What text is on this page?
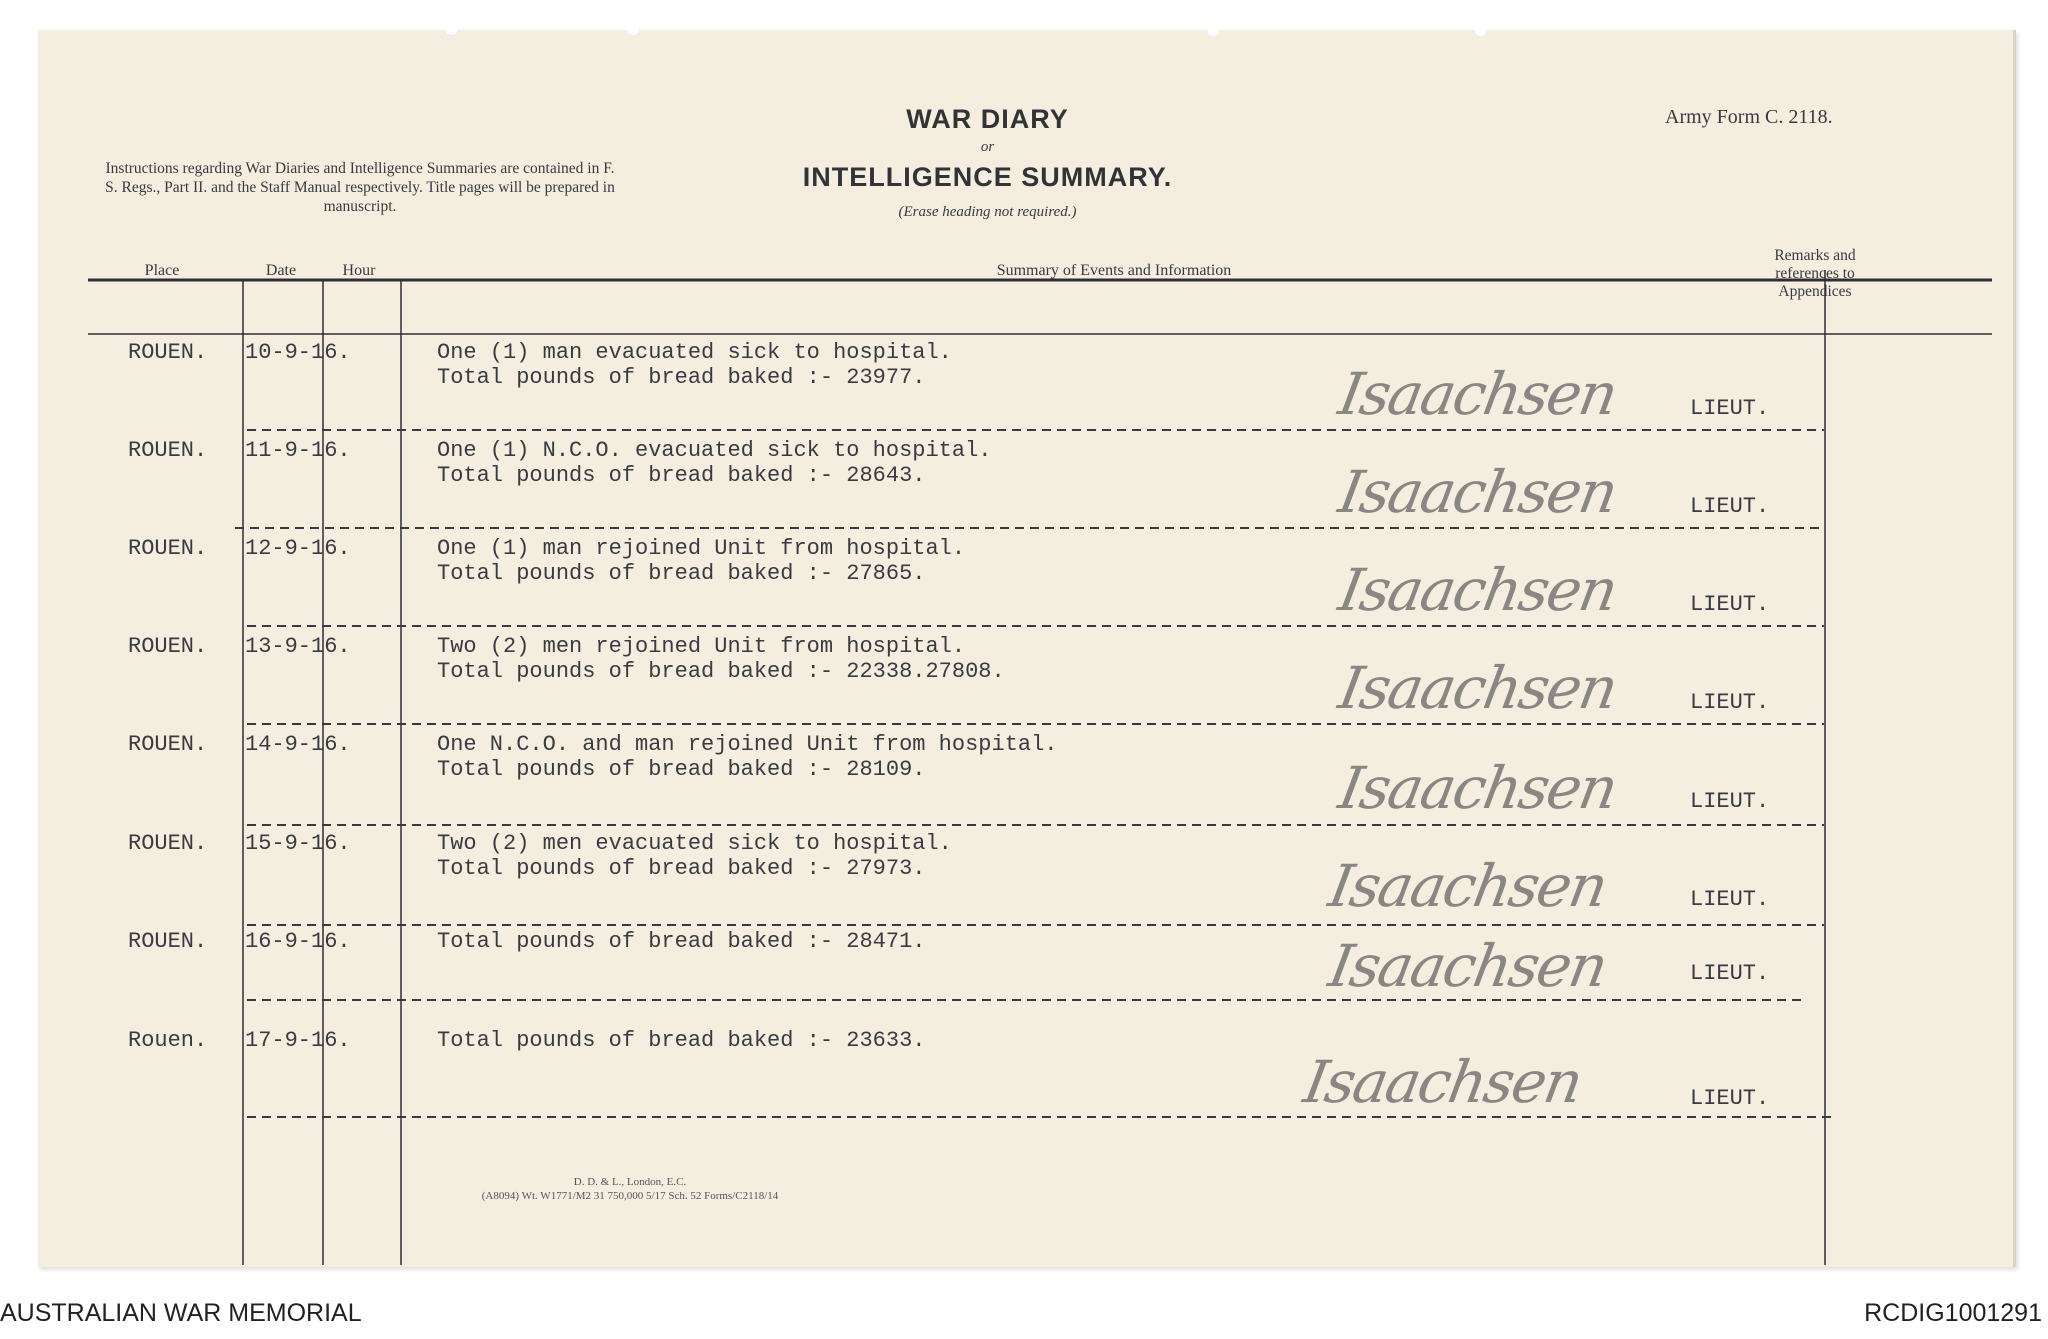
Instructions regarding War Diaries and Intelligence Summaries are contained in F. S. Regs., Part II. and the Staff Manual respectively. Title pages will be prepared in manuscript.
WAR DIARY
or
INTELLIGENCE SUMMARY.
(Erase heading not required.)
Army Form C. 2118.
Place	Date	Hour	Summary of Events and Information
Remarks and references to Appendices
ROUEN. 10-9-16.	One (1) man evacuated sick to hospital.
Total pounds of bread baked :- 23977.	Isaachsen	LIEUT.
ROUEN. 11-9-16.	One (1) N.C.O. evacuated sick to hospital.
Total pounds of bread baked :- 28643.	Isaachsen	LIEUT.
ROUEN. 12-9-16.	One (1) man rejoined Unit from hospital.
Total pounds of bread baked :- 27865.	Isaachsen	LIEUT.
ROUEN. 13-9-16.	Two (2) men rejoined Unit from hospital.
Total pounds of bread baked :- 22338.27808.	Isaachsen	LIEUT.
ROUEN. 14-9-16.	One N.C.O. and man rejoined Unit from hospital.
Total pounds of bread baked :- 28109.	Isaachsen	LIEUT.
ROUEN. 15-9-16.	Two (2) men evacuated sick to hospital.
Total pounds of bread baked :- 27973.	Isaachsen	LIEUT.
ROUEN. 16-9-16.	Total pounds of bread baked :- 28471.	Isaachsen	LIEUT.
Rouen. 17-9-16.	Total pounds of bread baked :- 23633.
Isaachsen	LIEUT.
D. D. & L., London, E.C.
(A8094) Wt. W1771/M2 31 750,000 5/17 Sch. 52 Forms/C2118/14
AUSTRALIAN WAR MEMORIAL	RCDIG1001291
